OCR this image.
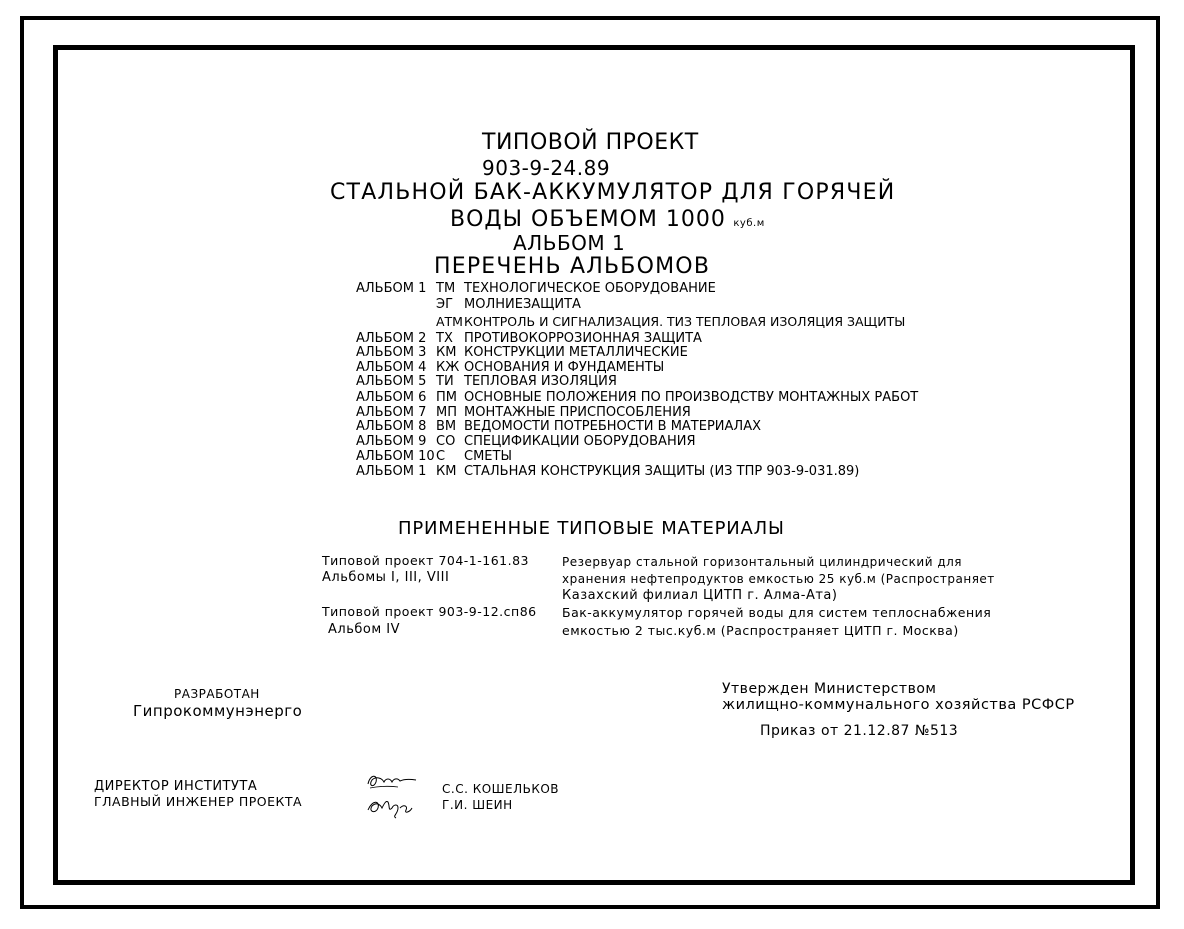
ТИПОВОЙ ПРОЕКТ
903-9-24.89
СТАЛЬНОЙ БАК-АККУМУЛЯТОР ДЛЯ ГОРЯЧЕЙ
ВОДЫ ОБЪЕМОМ 1000 куб.м
АЛЬБОМ 1
ПЕРЕЧЕНЬ АЛЬБОМОВ
АЛЬБОМ 1 ТМ ТЕХНОЛОГИЧЕСКОЕ ОБОРУДОВАНИЕ
ЭГ МОЛНИЕЗАЩИТА
АТМКОНТРОЛЬ И СИГНАЛИЗАЦИЯ. ТИЗ ТЕПЛОВАЯ ИЗОЛЯЦИЯ ЗАЩИТЫ
АЛЬБОМ 2 ТХ ПРОТИВОКОРРОЗИОННАЯ ЗАЩИТА
АЛЬБОМ 3 КМ КОНСТРУКЦИИ МЕТАЛЛИЧЕСКИЕ
АЛЬБОМ 4 КЖ ОСНОВАНИЯ И ФУНДАМЕНТЫ
АЛЬБОМ 5 ТИ ТЕПЛОВАЯ ИЗОЛЯЦИЯ
АЛЬБОМ 6 ПМ ОСНОВНЫЕ ПОЛОЖЕНИЯ ПО ПРОИЗВОДСТВУ МОНТАЖНЫХ РАБОТ
АЛЬБОМ 7 МП МОНТАЖНЫЕ ПРИСПОСОБЛЕНИЯ
АЛЬБОМ 8 ВМ ВЕДОМОСТИ ПОТРЕБНОСТИ В МАТЕРИАЛАХ
АЛЬБОМ 9 СО СПЕЦИФИКАЦИИ ОБОРУДОВАНИЯ
АЛЬБОМ 10С СМЕТЫ
АЛЬБОМ 1 КМ СТАЛЬНАЯ КОНСТРУКЦИЯ ЗАЩИТЫ (ИЗ ТПР 903-9-031.89)
ПРИМЕНЕННЫЕ ТИПОВЫЕ МАТЕРИАЛЫ
Типовой проект 704-1-161.83
Альбомы I, III, VIII
Резервуар стальной горизонтальный цилиндрический для
хранения нефтепродуктов емкостью 25 куб.м (Распространяет
Казахский филиал ЦИТП г. Алма-Ата)
Типовой проект 903-9-12.сп86
Альбом IV
Бак-аккумулятор горячей воды для систем теплоснабжения
емкостью 2 тыс.куб.м (Распространяет ЦИТП г. Москва)
РАЗРАБОТАН
Гипрокоммунэнерго
Утвержден Министерством
жилищно-коммунального хозяйства РСФСР
Приказ от 21.12.87 №513
ДИРЕКТОР ИНСТИТУТА
ГЛАВНЫЙ ИНЖЕНЕР ПРОЕКТА
С.С. КОШЕЛЬКОВ
Г.И. ШЕИН
